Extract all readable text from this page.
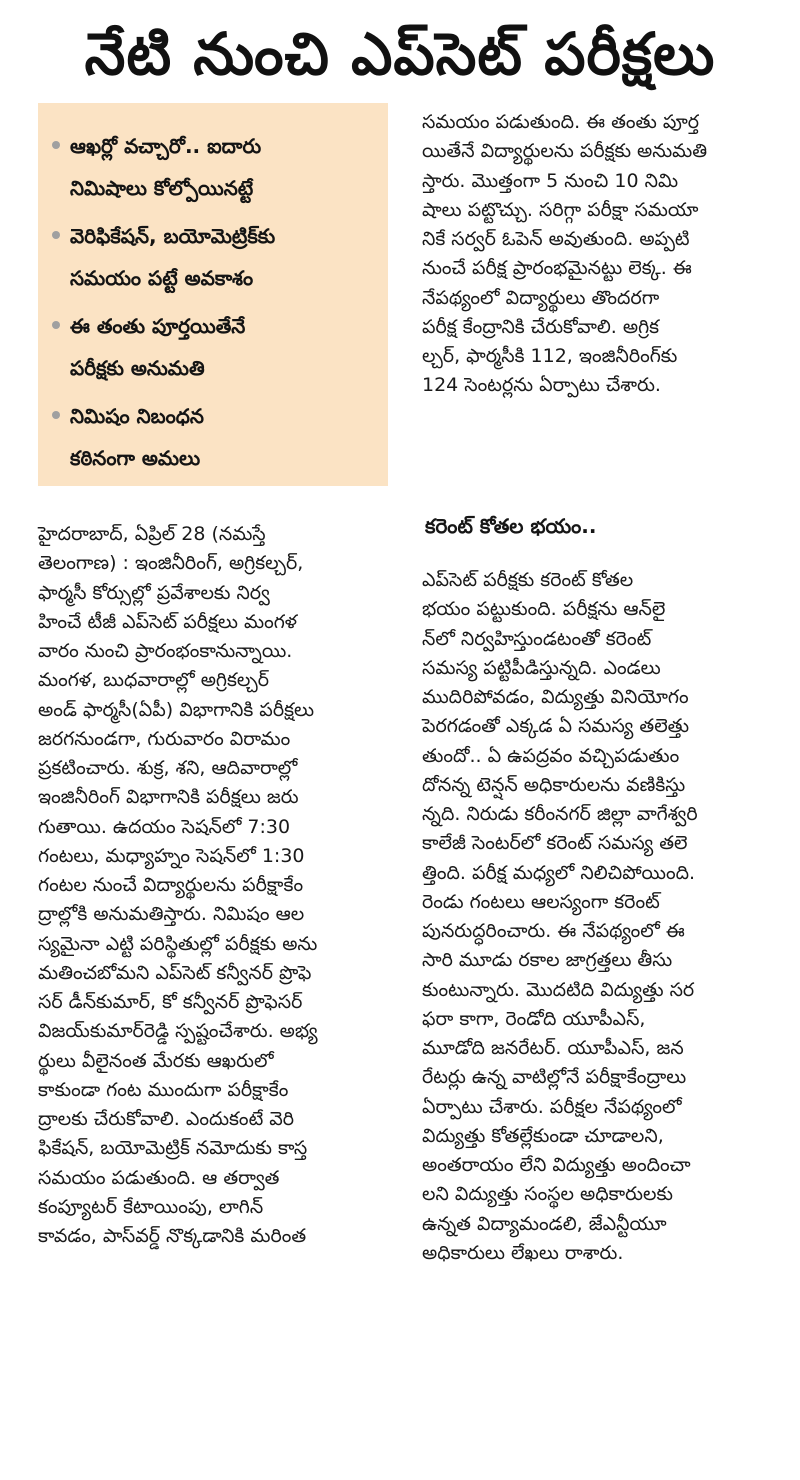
నేటి నుంచి ఎప్‌సెట్ పరీక్షలు
ఆఖర్లో వచ్చారో.. ఐదారు
నిమిషాలు కోల్పోయినట్టే
వెరిఫికేషన్, బయోమెట్రిక్‌కు
సమయం పట్టే అవకాశం
ఈ తంతు పూర్తయితేనే
పరీక్షకు అనుమతి
నిమిషం నిబంధన
కఠినంగా అమలు

హైదరాబాద్, ఏప్రిల్ 28 (నమస్తే
తెలంగాణ) : ఇంజినీరింగ్, అగ్రికల్చర్,
ఫార్మసీ కోర్సుల్లో ప్రవేశాలకు నిర్వ
హించే టీజీ ఎప్‌సెట్ పరీక్షలు మంగళ
వారం నుంచి ప్రారంభంకానున్నాయి.
మంగళ, బుధవారాల్లో అగ్రికల్చర్
అండ్ ఫార్మసీ(ఏపీ) విభాగానికి పరీక్షలు
జరగనుండగా, గురువారం విరామం
ప్రకటించారు. శుక్ర, శని, ఆదివారాల్లో
ఇంజినీరింగ్ విభాగానికి పరీక్షలు జరు
గుతాయి. ఉదయం సెషన్‌లో 7:30
గంటలు, మధ్యాహ్నం సెషన్‌లో 1:30
గంటల నుంచే విద్యార్థులను పరీక్షాకేం
ద్రాల్లోకి అనుమతిస్తారు. నిమిషం ఆల
స్యమైనా ఎట్టి పరిస్థితుల్లో పరీక్షకు అను
మతించబోమని ఎప్‌సెట్ కన్వీనర్ ప్రొఫె
సర్ డీన్‌కుమార్, కో కన్వీనర్ ప్రొఫెసర్
విజయ్‌కుమార్‌రెడ్డి స్పష్టంచేశారు. అభ్య
ర్థులు వీలైనంత మేరకు ఆఖరులో
కాకుండా గంట ముందుగా పరీక్షాకేం
ద్రాలకు చేరుకోవాలి. ఎందుకంటే వెరి
ఫికేషన్, బయోమెట్రిక్ నమోదుకు కాస్త
సమయం పడుతుంది. ఆ తర్వాత
కంప్యూటర్ కేటాయింపు, లాగిన్
కావడం, పాస్‌వర్డ్ నొక్కడానికి మరింత

సమయం పడుతుంది. ఈ తంతు పూర్త
యితేనే విద్యార్థులను పరీక్షకు అనుమతి
స్తారు. మొత్తంగా 5 నుంచి 10 నిమి
షాలు పట్టొచ్చు. సరిగ్గా పరీక్షా సమయా
నికే సర్వర్ ఓపెన్ అవుతుంది. అప్పటి
నుంచే పరీక్ష ప్రారంభమైనట్టు లెక్క. ఈ
నేపథ్యంలో విద్యార్థులు తొందరగా
పరీక్ష కేంద్రానికి చేరుకోవాలి. అగ్రిక
ల్చర్, ఫార్మసీకి 112, ఇంజినీరింగ్‌కు
124 సెంటర్లను ఏర్పాటు చేశారు.

కరెంట్ కోతల భయం..

ఎప్‌సెట్ పరీక్షకు కరెంట్ కోతల
భయం పట్టుకుంది. పరీక్షను ఆన్‌లై
న్‌లో నిర్వహిస్తుండటంతో కరెంట్
సమస్య పట్టిపీడిస్తున్నది. ఎండలు
ముదిరిపోవడం, విద్యుత్తు వినియోగం
పెరగడంతో ఎక్కడ ఏ సమస్య తలెత్తు
తుందో.. ఏ ఉపద్రవం వచ్చిపడుతుం
దోనన్న టెన్షన్ అధికారులను వణికిస్తు
న్నది. నిరుడు కరీంనగర్ జిల్లా వాగేశ్వరి
కాలేజీ సెంటర్‌లో కరెంట్ సమస్య తలె
త్తింది. పరీక్ష మధ్యలో నిలిచిపోయింది.
రెండు గంటలు ఆలస్యంగా కరెంట్
పునరుద్ధరించారు. ఈ నేపథ్యంలో ఈ
సారి మూడు రకాల జాగ్రత్తలు తీసు
కుంటున్నారు. మొదటిది విద్యుత్తు సర
ఫరా కాగా, రెండోది యూపీఎస్,
మూడోది జనరేటర్. యూపీఎస్, జన
రేటర్లు ఉన్న వాటిల్లోనే పరీక్షాకేంద్రాలు
ఏర్పాటు చేశారు. పరీక్షల నేపథ్యంలో
విద్యుత్తు కోతల్లేకుండా చూడాలని,
అంతరాయం లేని విద్యుత్తు అందించా
లని విద్యుత్తు సంస్థల అధికారులకు
ఉన్నత విద్యామండలి, జేఎన్టీయూ
అధికారులు లేఖలు రాశారు.
